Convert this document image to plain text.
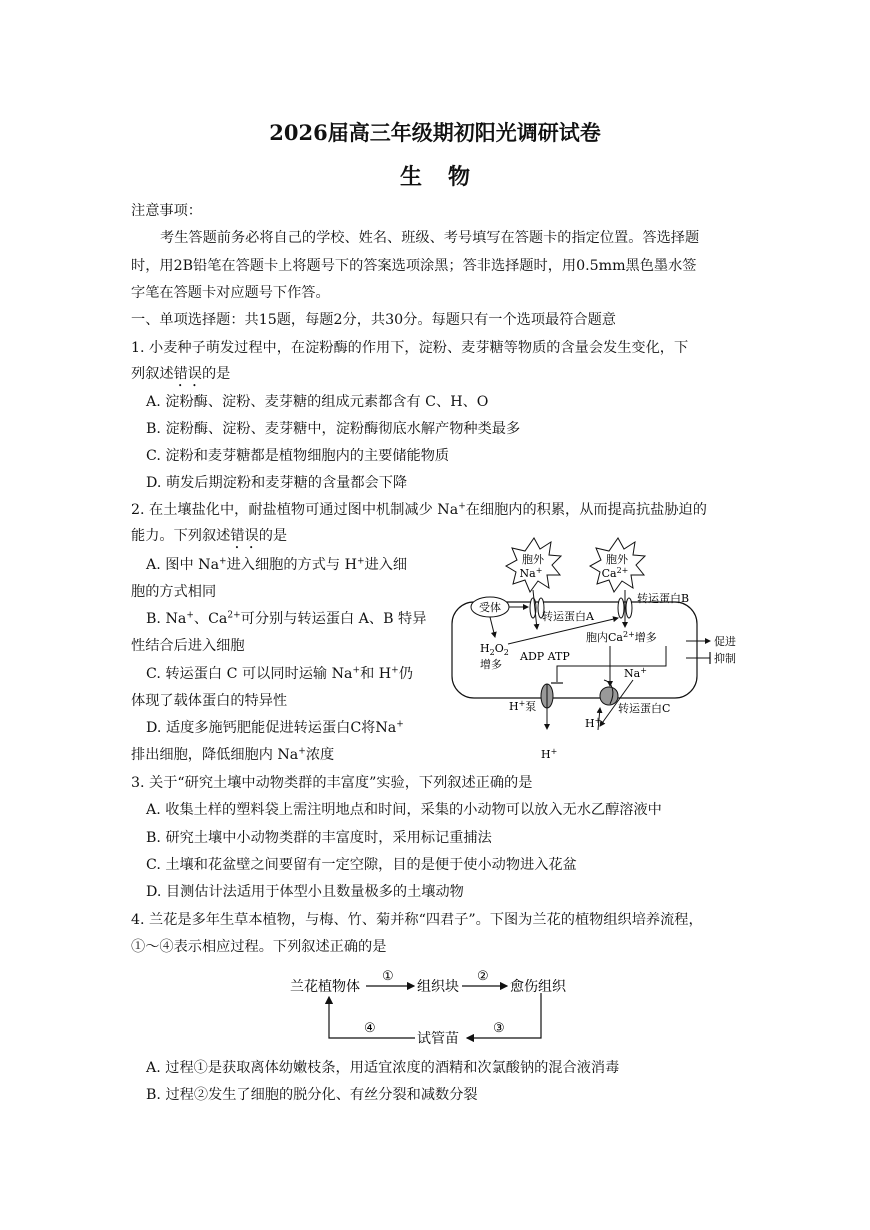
2026届高三年级期初阳光调研试卷
生物
注意事项：
考生答题前务必将自己的学校、姓名、班级、考号填写在答题卡的指定位置。答选择题
时，用2B铅笔在答题卡上将题号下的答案选项涂黑；答非选择题时，用0.5mm黑色墨水签
字笔在答题卡对应题号下作答。
一、单项选择题：共15题，每题2分，共30分。每题只有一个选项最符合题意
1. 小麦种子萌发过程中，在淀粉酶的作用下，淀粉、麦芽糖等物质的含量会发生变化，下
列叙述错误的是
A. 淀粉酶、淀粉、麦芽糖的组成元素都含有 C、H、O
B. 淀粉酶、淀粉、麦芽糖中，淀粉酶彻底水解产物种类最多
C. 淀粉和麦芽糖都是植物细胞内的主要储能物质
D. 萌发后期淀粉和麦芽糖的含量都会下降
2. 在土壤盐化中，耐盐植物可通过图中机制减少 Na+在细胞内的积累，从而提高抗盐胁迫的
能力。下列叙述错误的是
A. 图中 Na+进入细胞的方式与 H+进入细
胞的方式相同
B. Na+、$Ca^{2+}$可分别与转运蛋白 A、B 特异
性结合后进入细胞
C. 转运蛋白 C 可以同时运输 Na+和 H+仍
体现了载体蛋白的特异性
D. 适度多施钙肥能促进转运蛋白C将Na+
排出细胞，降低细胞内 Na+浓度
胞外
Na+
胞外
$Ca^{2+}$
受体
转运蛋白A
转运蛋白B
$H_2O_2$
增多
胞内$Ca^{2+}$增多	促进
抑制
ADP ATP
H+泵
H+
Na+
H+
转运蛋白C
3. 关于“研究土壤中动物类群的丰富度”实验，下列叙述正确的是
A. 收集土样的塑料袋上需注明地点和时间，采集的小动物可以放入无水乙醇溶液中
B. 研究土壤中小动物类群的丰富度时，采用标记重捕法
C. 土壤和花盆壁之间要留有一定空隙，目的是便于使小动物进入花盆
D. 目测估计法适用于体型小且数量极多的土壤动物
4. 兰花是多年生草本植物，与梅、竹、菊并称“四君子”。下图为兰花的植物组织培养流程，
①～④表示相应过程。下列叙述正确的是
兰花植物体	组织块	愈伤组织
试管苗
①	②
③
④
A. 过程①是获取离体幼嫩枝条，用适宜浓度的酒精和次氯酸钠的混合液消毒
B. 过程②发生了细胞的脱分化、有丝分裂和减数分裂
